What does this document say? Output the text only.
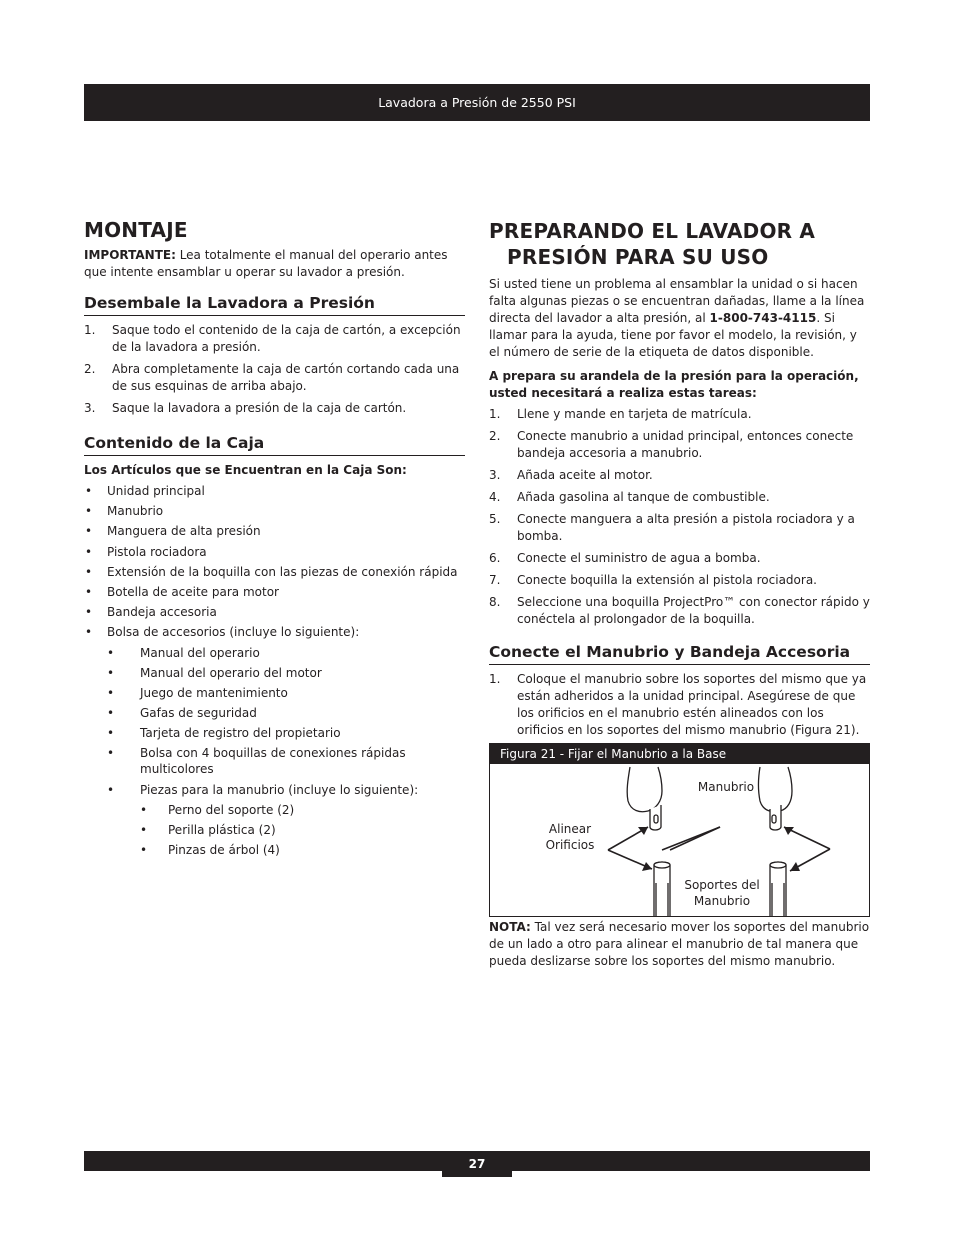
Lavadora a Presión de 2550 PSI
MONTAJE

IMPORTANTE: Lea totalmente el manual del operario antes que intente ensamblar u operar su lavador a presión.

Desembale la Lavadora a Presión
1. Saque todo el contenido de la caja de cartón, a excepción de la lavadora a presión.
2. Abra completamente la caja de cartón cortando cada una de sus esquinas de arriba abajo.
3. Saque la lavadora a presión de la caja de cartón.
Contenido de la Caja
Los Artículos que se Encuentran en la Caja Son:
• Unidad principal
• Manubrio
• Manguera de alta presión
• Pistola rociadora
• Extensión de la boquilla con las piezas de conexión rápida
• Botella de aceite para motor
• Bandeja accesoria
• Bolsa de accesorios (incluye lo siguiente):
• Manual del operario
• Manual del operario del motor
• Juego de mantenimiento
• Gafas de seguridad
• Tarjeta de registro del propietario
• Bolsa con 4 boquillas de conexiones rápidas multicolores
• Piezas para la manubrio (incluye lo siguiente):
• Perno del soporte (2)
• Perilla plástica (2)
• Pinzas de árbol (4)
PREPARANDO EL LAVADOR A PRESIÓN PARA SU USO

Si usted tiene un problema al ensamblar la unidad o si hacen falta algunas piezas o se encuentran dañadas, llame a la línea directa del lavador a alta presión, al 1-800-743-4115. Si llamar para la ayuda, tiene por favor el modelo, la revisión, y el número de serie de la etiqueta de datos disponible.

A prepara su arandela de la presión para la operación, usted necesitará a realiza estas tareas:

1. Llene y mande en tarjeta de matrícula.
2. Conecte manubrio a unidad principal, entonces conecte bandeja accesoria a manubrio.
3. Añada aceite al motor.
4. Añada gasolina al tanque de combustible.
5. Conecte manguera a alta presión a pistola rociadora y a bomba.
6. Conecte el suministro de agua a bomba.
7. Conecte boquilla la extensión al pistola rociadora.
8. Seleccione una boquilla ProjectPro™ con conector rápido y conéctela al prolongador de la boquilla.
Conecte el Manubrio y Bandeja Accesoria
1. Coloque el manubrio sobre los soportes del mismo que ya están adheridos a la unidad principal. Asegúrese de que los orificios en el manubrio estén alineados con los orificios en los soportes del mismo manubrio (Figura 21).
Figura 21 - Fijar el Manubrio a la Base
Manubrio
Alinear
Orificios
Soportes del
Manubrio

NOTA: Tal vez será necesario mover los soportes del manubrio de un lado a otro para alinear el manubrio de tal manera que pueda deslizarse sobre los soportes del mismo manubrio.

27
